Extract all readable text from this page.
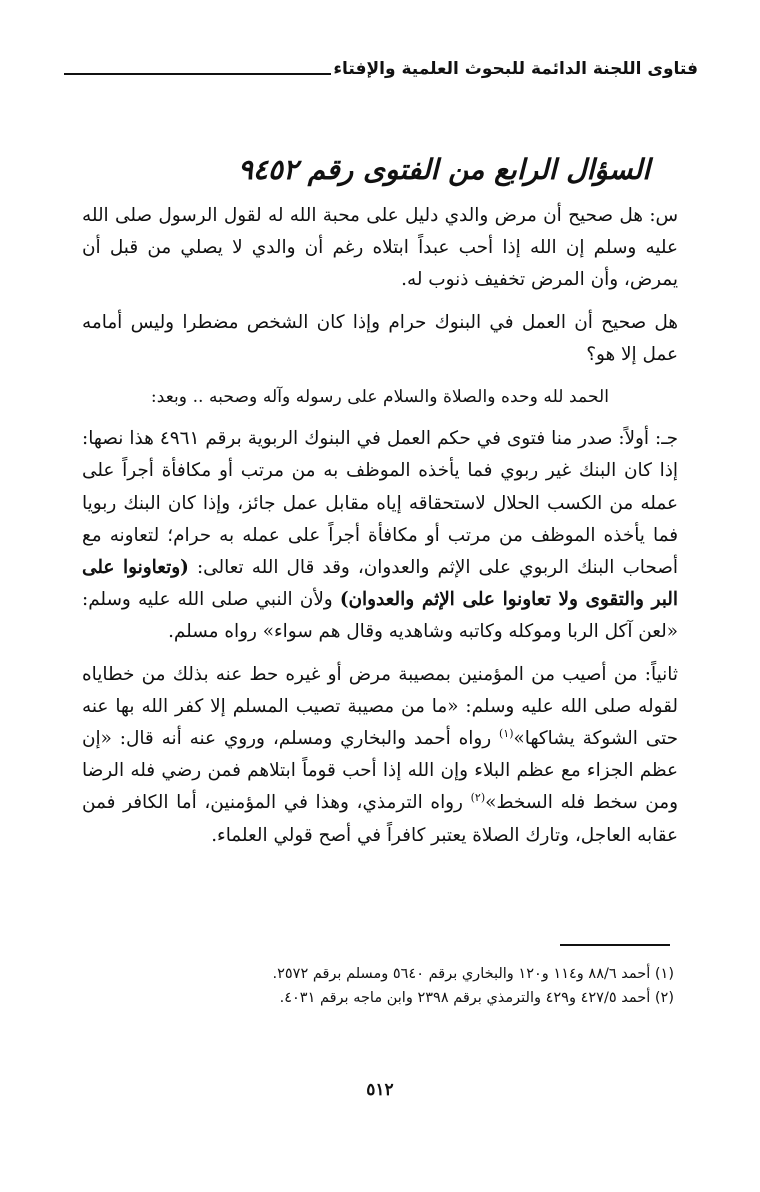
فتاوى اللجنة الدائمة للبحوث العلمية والإفتاء
السؤال الرابع من الفتوى رقم ٩٤٥٢

س: هل صحيح أن مرض والدي دليل على محبة الله له لقول الرسول صلى الله عليه وسلم إن الله إذا أحب عبداً ابتلاه رغم أن والدي لا يصلي من قبل أن يمرض، وأن المرض تخفيف ذنوب له.

هل صحيح أن العمل في البنوك حرام وإذا كان الشخص مضطرا وليس أمامه عمل إلا هو؟

الحمد لله وحده والصلاة والسلام على رسوله وآله وصحبه .. وبعد:

جـ: أولاً: صدر منا فتوى في حكم العمل في البنوك الربوية برقم ٤٩٦١ هذا نصها: إذا كان البنك غير ربوي فما يأخذه الموظف به من مرتب أو مكافأة أجراً على عمله من الكسب الحلال لاستحقاقه إياه مقابل عمل جائز، وإذا كان البنك ربويا فما يأخذه الموظف من مرتب أو مكافأة أجراً على عمله به حرام؛ لتعاونه مع أصحاب البنك الربوي على الإثم والعدوان، وقد قال الله تعالى: (وتعاونوا على البر والتقوى ولا تعاونوا على الإثم والعدوان) ولأن النبي صلى الله عليه وسلم: «لعن آكل الربا وموكله وكاتبه وشاهديه وقال هم سواء» رواه مسلم.

ثانياً: من أصيب من المؤمنين بمصيبة مرض أو غيره حط عنه بذلك من خطاياه لقوله صلى الله عليه وسلم: «ما من مصيبة تصيب المسلم إلا كفر الله بها عنه حتى الشوكة يشاكها»$^{(١)}$ رواه أحمد والبخاري ومسلم، وروي عنه أنه قال: «إن عظم الجزاء مع عظم البلاء وإن الله إذا أحب قوماً ابتلاهم فمن رضي فله الرضا ومن سخط فله السخط»$^{(٢)}$ رواه الترمذي، وهذا في المؤمنين، أما الكافر فمن عقابه العاجل، وتارك الصلاة يعتبر كافراً في أصح قولي العلماء.

(١) أحمد ٨٨/٦ و١١٤ و١٢٠ والبخاري برقم ٥٦٤٠ ومسلم برقم ٢٥٧٢.
(٢) أحمد ٤٢٧/٥ و٤٢٩ والترمذي برقم ٢٣٩٨ وابن ماجه برقم ٤٠٣١.
٥١٢
